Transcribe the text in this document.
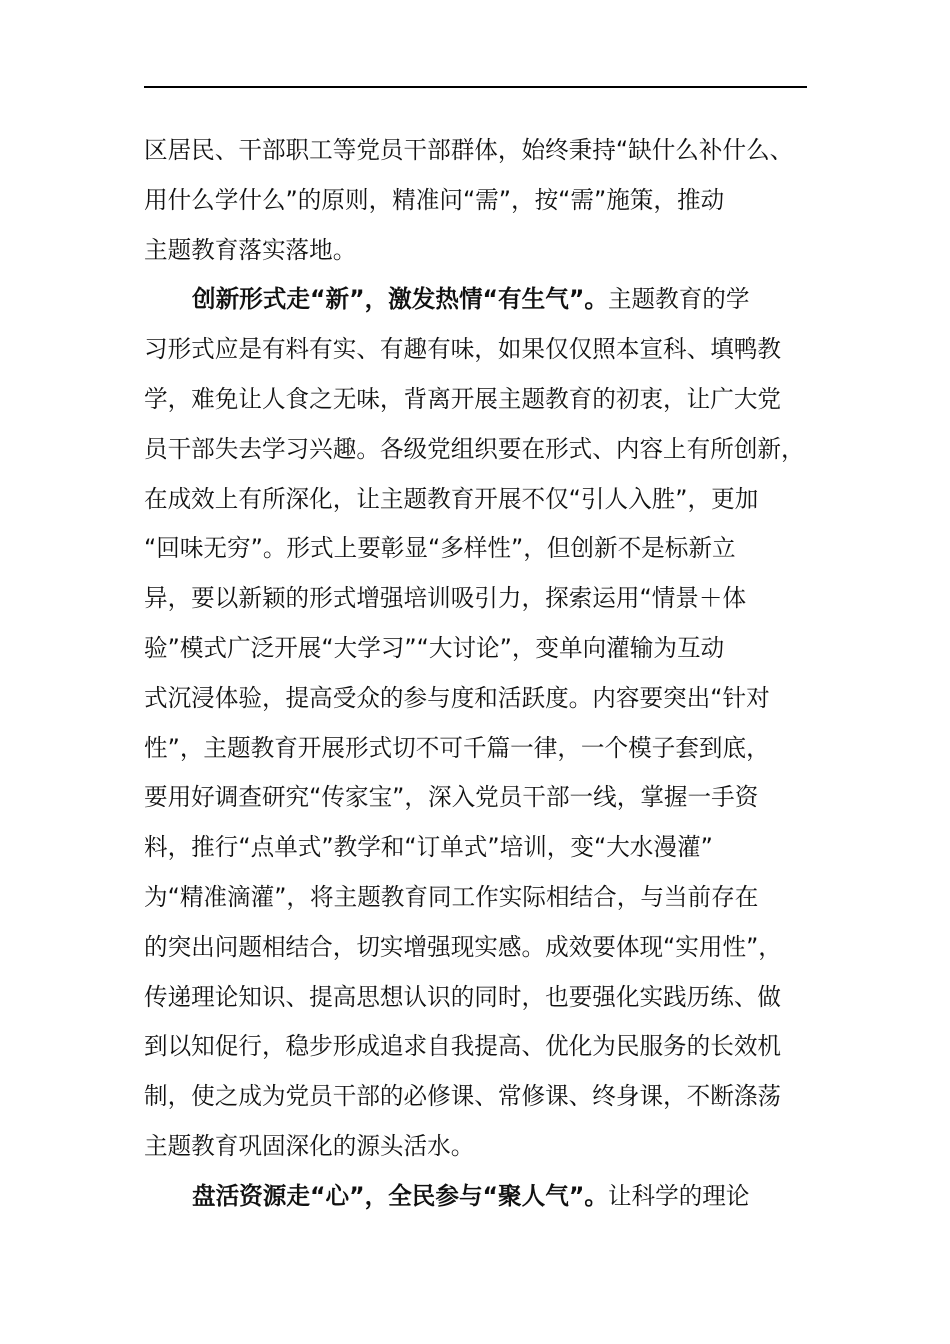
区居民、干部职工等党员干部群体，始终秉持“缺什么补什么、
用什么学什么”的原则，精准问“需”，按“需”施策，推动
主题教育落实落地。
创新形式走“新”，激发热情“有生气”。主题教育的学
习形式应是有料有实、有趣有味，如果仅仅照本宣科、填鸭教
学，难免让人食之无味，背离开展主题教育的初衷，让广大党
员干部失去学习兴趣。各级党组织要在形式、内容上有所创新，
在成效上有所深化，让主题教育开展不仅“引人入胜”，更加
“回味无穷”。形式上要彰显“多样性”，但创新不是标新立
异，要以新颖的形式增强培训吸引力，探索运用“情景＋体
验”模式广泛开展“大学习”“大讨论”，变单向灌输为互动
式沉浸体验，提高受众的参与度和活跃度。内容要突出“针对
性”，主题教育开展形式切不可千篇一律，一个模子套到底，
要用好调查研究“传家宝”，深入党员干部一线，掌握一手资
料，推行“点单式”教学和“订单式”培训，变“大水漫灌”
为“精准滴灌”，将主题教育同工作实际相结合，与当前存在
的突出问题相结合，切实增强现实感。成效要体现“实用性”，
传递理论知识、提高思想认识的同时，也要强化实践历练、做
到以知促行，稳步形成追求自我提高、优化为民服务的长效机
制，使之成为党员干部的必修课、常修课、终身课，不断涤荡
主题教育巩固深化的源头活水。
盘活资源走“心”，全民参与“聚人气”。让科学的理论
